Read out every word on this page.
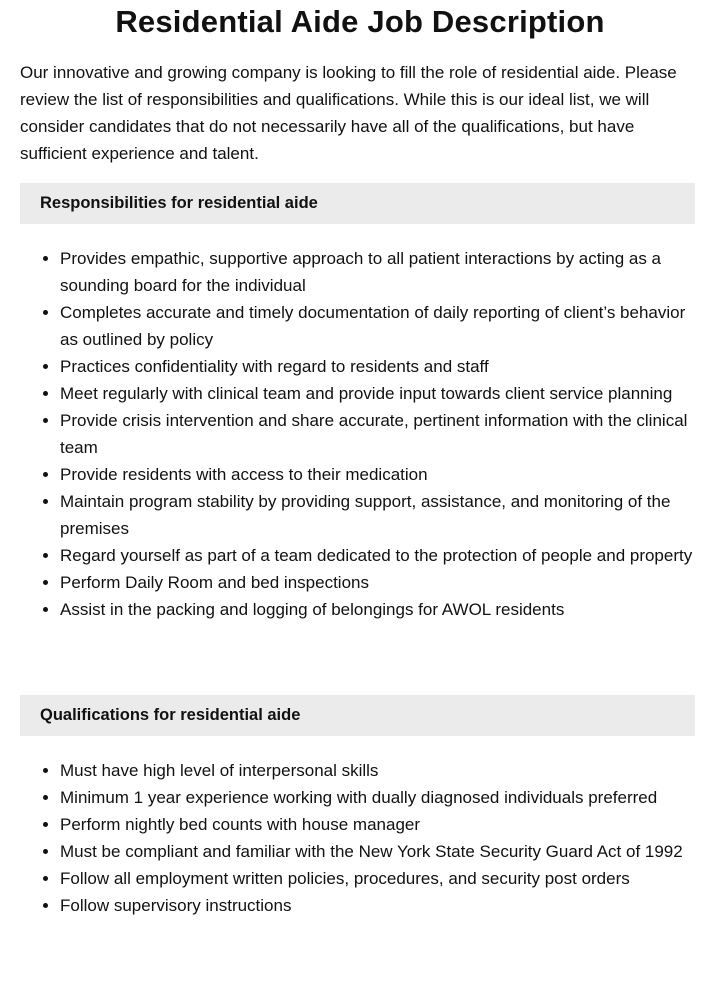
Residential Aide Job Description

Our innovative and growing company is looking to fill the role of residential aide. Please review the list of responsibilities and qualifications. While this is our ideal list, we will consider candidates that do not necessarily have all of the qualifications, but have sufficient experience and talent.

Responsibilities for residential aide
• Provides empathic, supportive approach to all patient interactions by acting as a sounding board for the individual
• Completes accurate and timely documentation of daily reporting of client’s behavior as outlined by policy
• Practices confidentiality with regard to residents and staff
• Meet regularly with clinical team and provide input towards client service planning
• Provide crisis intervention and share accurate, pertinent information with the clinical team
• Provide residents with access to their medication
• Maintain program stability by providing support, assistance, and monitoring of the premises
• Regard yourself as part of a team dedicated to the protection of people and property
• Perform Daily Room and bed inspections
• Assist in the packing and logging of belongings for AWOL residents
Qualifications for residential aide
• Must have high level of interpersonal skills
• Minimum 1 year experience working with dually diagnosed individuals preferred
• Perform nightly bed counts with house manager
• Must be compliant and familiar with the New York State Security Guard Act of 1992
• Follow all employment written policies, procedures, and security post orders
• Follow supervisory instructions
